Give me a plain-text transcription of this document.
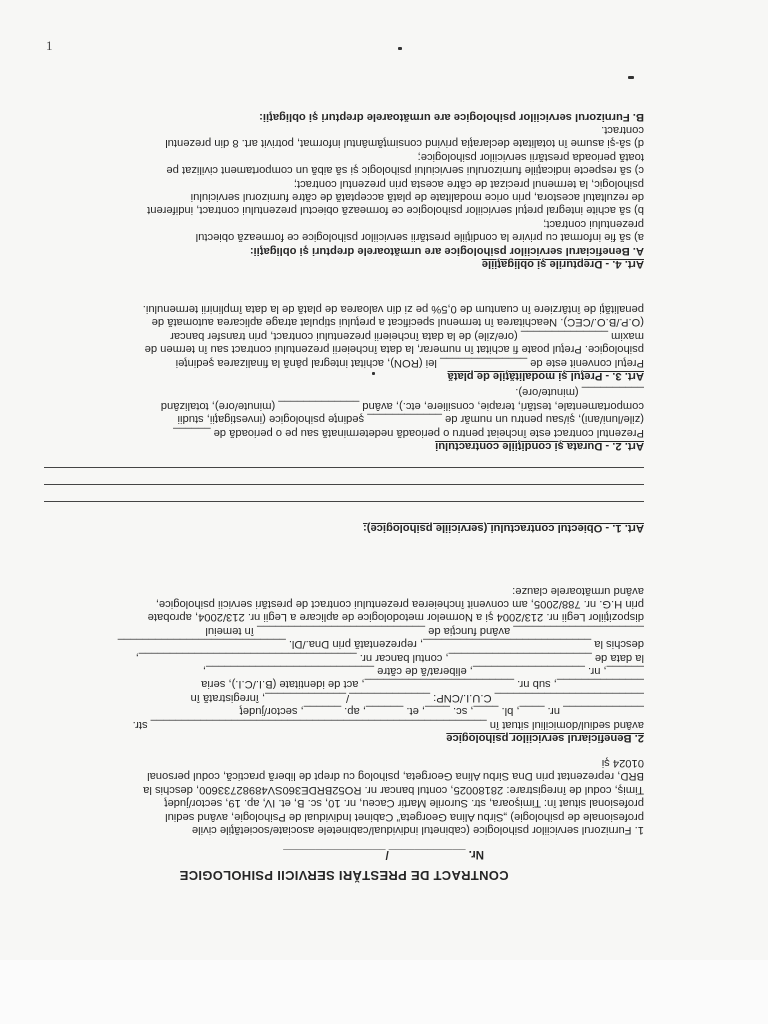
1
CONTRACT DE PRESTĂRI SERVICII PSIHOLOGICE
Nr. ____________/________________

1. Furnizorul serviciilor psihologice (cabinetul individual/cabinetele asociate/societăţile civile

profesionale de psihologie) „Sirbu Alina Georgeta” Cabinet Individual de Psihologie, având sediul

profesional situat în: Timişoara, str. Surorile Martir Caceu, nr. 10, sc. B, et. IV, ap. 19, sector/judeţ

Timiş, codul de înregistrare: 28180025, contul bancar nr. RO52BRDE360SV48982733600, deschis la

BRD, reprezentat prin Dna Sirbu Alina Georgeta, psiholog cu drept de liberă practică, codul personal

01024 şi

2. Beneficiarul serviciilor psihologice

având sediul/domiciliul situat în ______________________________________________________ str.

_____________ nr. ____, bl. ____, sc. ____, et. ______, ap. ______, sector/judeţ

________________________ C.U.I./CNP: _____________/_____________, înregistrată în

______________, sub nr. ________________________, act de identitate (B.I./C.I.), seria

______, nr. __________________, eliberat/ă de către ___________________________,

la data de _______________________, contul bancar nr. ___________________________________,

deschis la ___________________________, reprezentată prin Dna./Dl. ___________________________

_____________________ având funcţia de ___________________________ în temeiul

dispoziţiilor Legii nr. 213/2004 şi a Normelor metodologice de aplicare a Legii nr. 213/2004, aprobate

prin H.G. nr. 788/2005, am convenit încheierea prezentului contract de prestări servicii psihologice,

având următoarele clauze:

Art. 1. - Obiectul contractului (serviciile psihologice):

Art. 2. - Durata şi condiţiile contractului

Prezentul contract este încheiat pentru o perioadă nedeterminată sau pe o perioadă de ______

(zile/luni/ani), şi/sau pentru un număr de ____________ şedinţe psihologice (investigaţii, studii

comportamentale, testări, terapie, consiliere, etc.), având _____________ (minute/ore), totalizând

__________ (minute/ore).

Art. 3. - Preţul şi modalităţile de plată

Preţul convenit este de ______________ lei (RON), achitat integral până la finalizarea şedinţei

psihologice. Preţul poate fi achitat în numerar, la data încheierii prezentului contract sau în termen de

maxim ______________ (ore/zile) de la data încheierii prezentului contract, prin transfer bancar

(O.P./B.O./CEC). Neachitarea în termenul specificat a preţului stipulat atrage aplicarea automată de

penalităţi de întârziere în cuantum de 0,5% pe zi din valoarea de plată de la data împlinirii termenului.

Art. 4. - Drepturile şi obligaţiile

A. Beneficiarul serviciilor psihologice are următoarele drepturi şi obligaţii:

a) să fie informat cu privire la condiţiile prestării serviciilor psihologice ce formează obiectul

prezentului contract;

b) să achite integral preţul serviciilor psihologice ce formează obiectul prezentului contract, indiferent

de rezultatul acestora, prin orice modalitate de plată acceptată de către furnizorul serviciului

psihologic, la termenul precizat de către acesta prin prezentul contract;

c) să respecte indicaţiile furnizorului serviciului psihologic şi să aibă un comportament civilizat pe

toată perioada prestării serviciilor psihologice;

d) să-şi asume în totalitate declaraţia privind consimţământul informat, potrivit art. 8 din prezentul

contract.

B. Furnizorul serviciilor psihologice are următoarele drepturi şi obligaţii:
